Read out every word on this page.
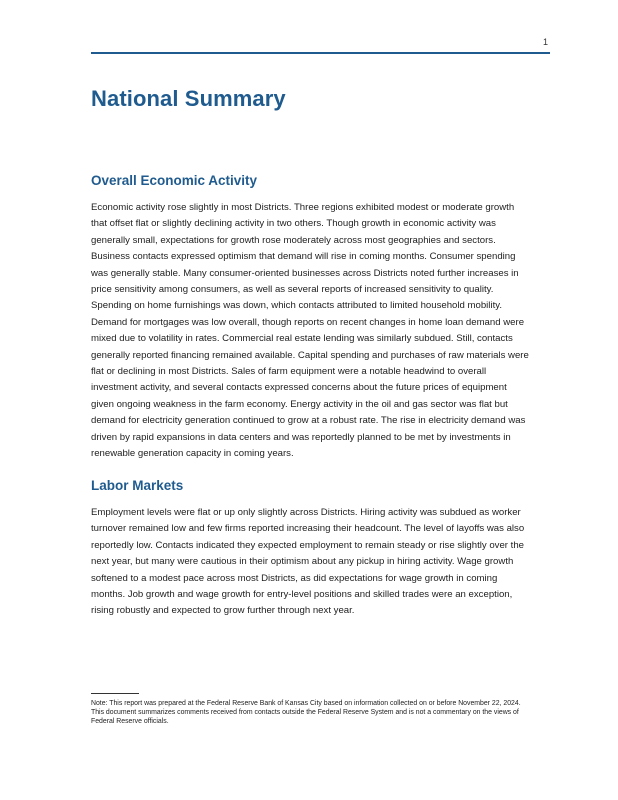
1
National Summary
Overall Economic Activity

Economic activity rose slightly in most Districts. Three regions exhibited modest or moderate growth that offset flat or slightly declining activity in two others. Though growth in economic activity was generally small, expectations for growth rose moderately across most geographies and sectors. Business contacts expressed optimism that demand will rise in coming months. Consumer spending was generally stable. Many consumer-oriented businesses across Districts noted further increases in price sensitivity among consumers, as well as several reports of increased sensitivity to quality. Spending on home furnishings was down, which contacts attributed to limited household mobility. Demand for mortgages was low overall, though reports on recent changes in home loan demand were mixed due to volatility in rates. Commercial real estate lending was similarly subdued. Still, contacts generally reported financing remained available. Capital spending and purchases of raw materials were flat or declining in most Districts. Sales of farm equipment were a notable headwind to overall investment activity, and several contacts expressed concerns about the future prices of equipment given ongoing weakness in the farm economy. Energy activity in the oil and gas sector was flat but demand for electricity generation continued to grow at a robust rate. The rise in electricity demand was driven by rapid expansions in data centers and was reportedly planned to be met by investments in renewable generation capacity in coming years.

Labor Markets

Employment levels were flat or up only slightly across Districts. Hiring activity was subdued as worker turnover remained low and few firms reported increasing their headcount. The level of layoffs was also reportedly low. Contacts indicated they expected employment to remain steady or rise slightly over the next year, but many were cautious in their optimism about any pickup in hiring activity. Wage growth softened to a modest pace across most Districts, as did expectations for wage growth in coming months. Job growth and wage growth for entry-level positions and skilled trades were an exception, rising robustly and expected to grow further through next year.

Note: This report was prepared at the Federal Reserve Bank of Kansas City based on information collected on or before November 22, 2024. This document summarizes comments received from contacts outside the Federal Reserve System and is not a commentary on the views of Federal Reserve officials.
